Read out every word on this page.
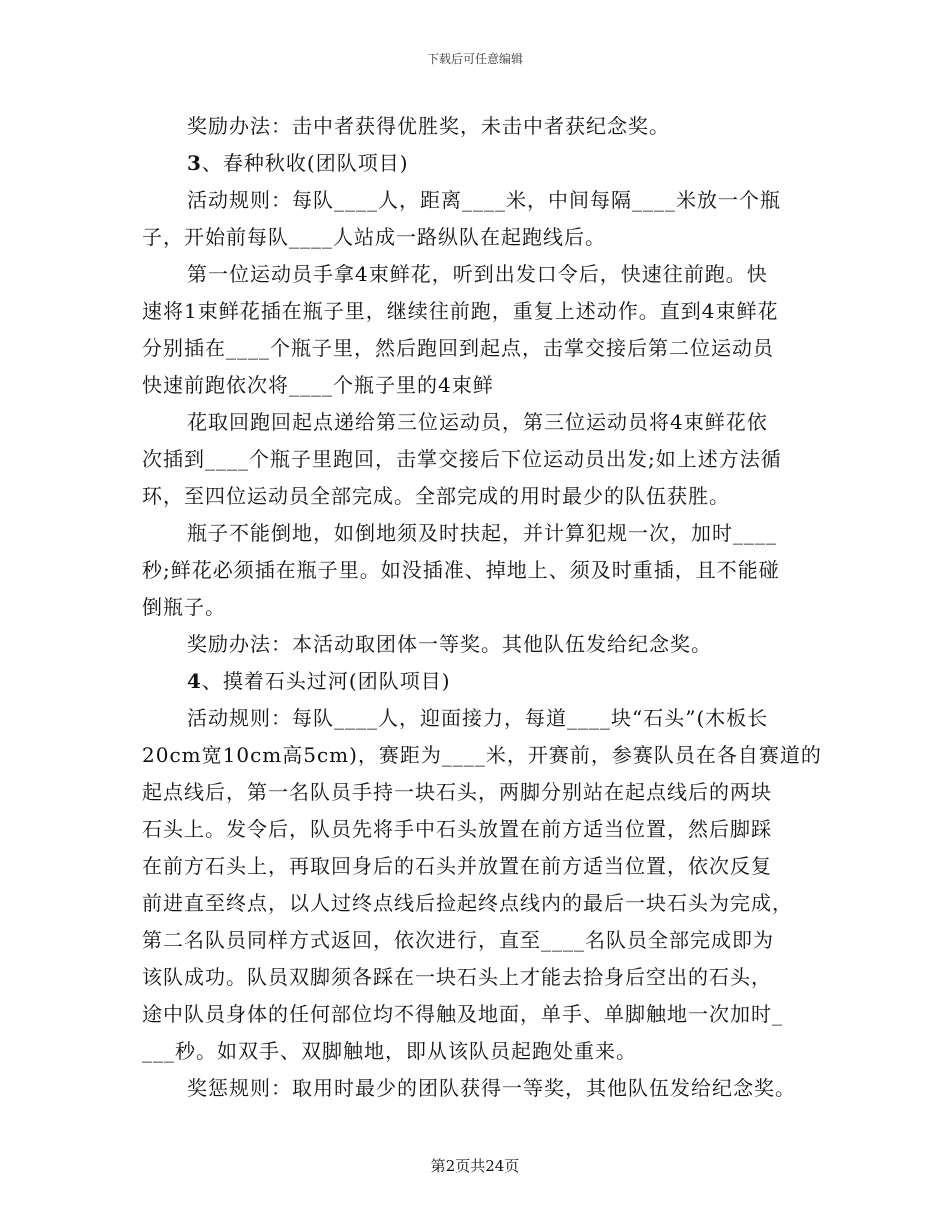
下载后可任意编辑

奖励办法：击中者获得优胜奖，未击中者获纪念奖。

3、春种秋收(团队项目)

活动规则：每队____人，距离____米，中间每隔____米放一个瓶

子，开始前每队____人站成一路纵队在起跑线后。

第一位运动员手拿4束鲜花，听到出发口令后，快速往前跑。快

速将1束鲜花插在瓶子里，继续往前跑，重复上述动作。直到4束鲜花

分别插在____个瓶子里，然后跑回到起点，击掌交接后第二位运动员

快速前跑依次将____个瓶子里的4束鲜

花取回跑回起点递给第三位运动员，第三位运动员将4束鲜花依

次插到____个瓶子里跑回，击掌交接后下位运动员出发;如上述方法循

环，至四位运动员全部完成。全部完成的用时最少的队伍获胜。

瓶子不能倒地，如倒地须及时扶起，并计算犯规一次，加时____

秒;鲜花必须插在瓶子里。如没插准、掉地上、须及时重插，且不能碰

倒瓶子。

奖励办法：本活动取团体一等奖。其他队伍发给纪念奖。

4、摸着石头过河(团队项目)

活动规则：每队____人，迎面接力，每道____块“石头”(木板长

20cm宽10cm高5cm)，赛距为____米，开赛前，参赛队员在各自赛道的

起点线后，第一名队员手持一块石头，两脚分别站在起点线后的两块

石头上。发令后，队员先将手中石头放置在前方适当位置，然后脚踩

在前方石头上，再取回身后的石头并放置在前方适当位置，依次反复

前进直至终点，以人过终点线后捡起终点线内的最后一块石头为完成，

第二名队员同样方式返回，依次进行，直至____名队员全部完成即为

该队成功。队员双脚须各踩在一块石头上才能去拾身后空出的石头，

途中队员身体的任何部位均不得触及地面，单手、单脚触地一次加时_

___秒。如双手、双脚触地，即从该队员起跑处重来。

奖惩规则：取用时最少的团队获得一等奖，其他队伍发给纪念奖。

第2页共24页
